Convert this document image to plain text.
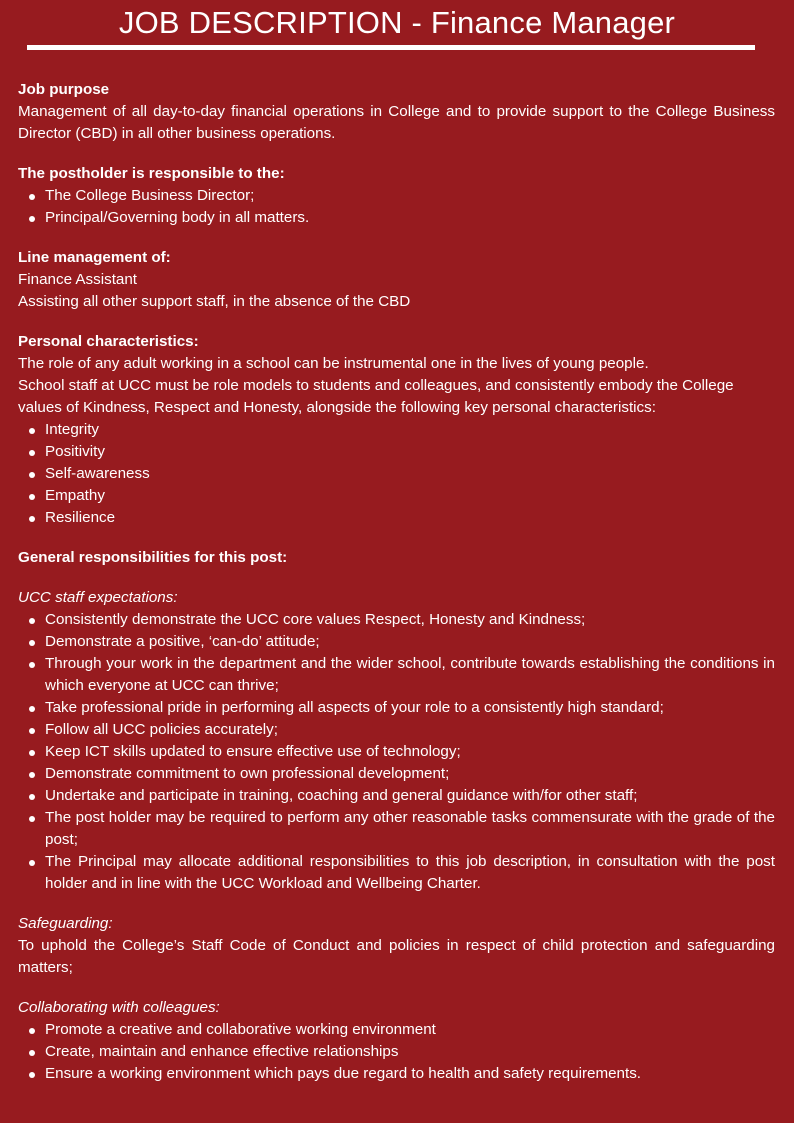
JOB DESCRIPTION - Finance Manager
Job purpose
Management of all day-to-day financial operations in College and to provide support to the College Business Director (CBD) in all other business operations.
The postholder is responsible to the:
The College Business Director;
Principal/Governing body in all matters.
Line management of:
Finance Assistant
Assisting all other support staff, in the absence of the CBD
Personal characteristics:
The role of any adult working in a school can be instrumental one in the lives of young people.
School staff at UCC must be role models to students and colleagues, and consistently embody the College values of Kindness, Respect and Honesty, alongside the following key personal characteristics:
Integrity
Positivity
Self-awareness
Empathy
Resilience
General responsibilities for this post:
UCC staff expectations:
Consistently demonstrate the UCC core values Respect, Honesty and Kindness;
Demonstrate a positive, ‘can-do’ attitude;
Through your work in the department and the wider school, contribute towards establishing the conditions in which everyone at UCC can thrive;
Take professional pride in performing all aspects of your role to a consistently high standard;
Follow all UCC policies accurately;
Keep ICT skills updated to ensure effective use of technology;
Demonstrate commitment to own professional development;
Undertake and participate in training, coaching and general guidance with/for other staff;
The post holder may be required to perform any other reasonable tasks commensurate with the grade of the post;
The Principal may allocate additional responsibilities to this job description, in consultation with the post holder and in line with the UCC Workload and Wellbeing Charter.
Safeguarding:
To uphold the College’s Staff Code of Conduct and policies in respect of child protection and safeguarding matters;
Collaborating with colleagues:
Promote a creative and collaborative working environment
Create, maintain and enhance effective relationships
Ensure a working environment which pays due regard to health and safety requirements.
